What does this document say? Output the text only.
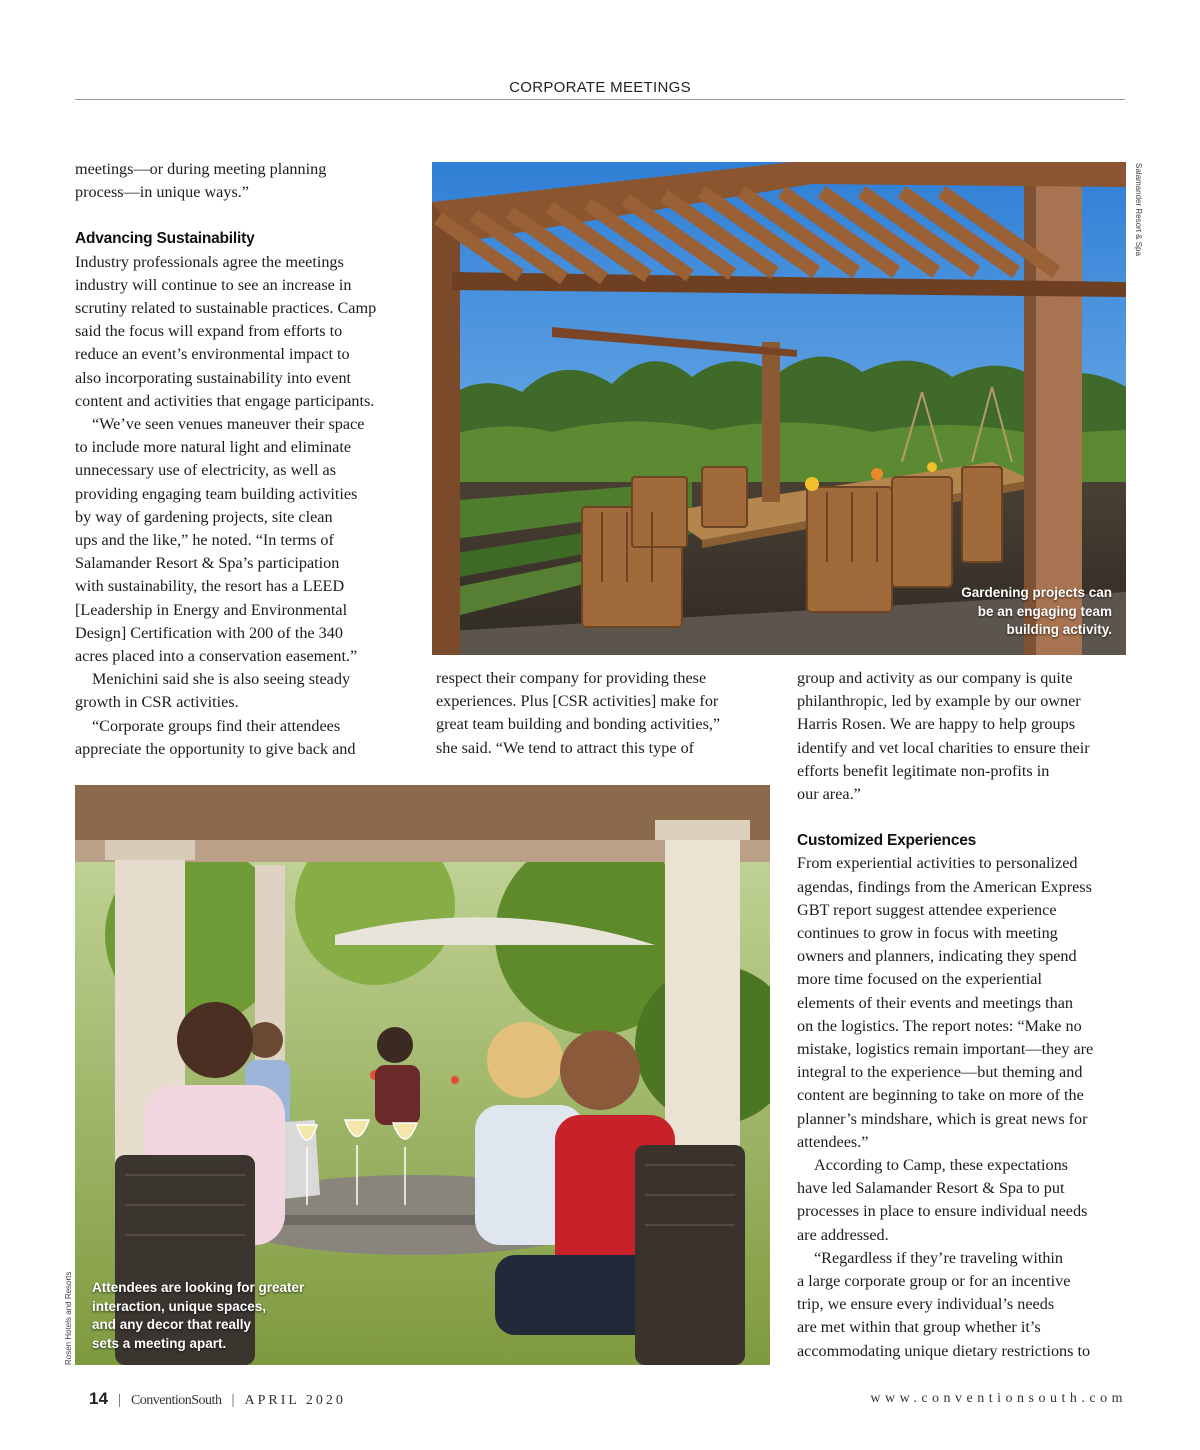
CORPORATE MEETINGS

meetings—or during meeting planning
process—in unique ways.”

Advancing Sustainability

Industry professionals agree the meetings
industry will continue to see an increase in
scrutiny related to sustainable practices. Camp
said the focus will expand from efforts to
reduce an event’s environmental impact to
also incorporating sustainability into event
content and activities that engage participants.

“We’ve seen venues maneuver their space
to include more natural light and eliminate
unnecessary use of electricity, as well as
providing engaging team building activities
by way of gardening projects, site clean
ups and the like,” he noted. “In terms of
Salamander Resort & Spa’s participation
with sustainability, the resort has a LEED
[Leadership in Energy and Environmental
Design] Certification with 200 of the 340
acres placed into a conservation easement.”

Menichini said she is also seeing steady
growth in CSR activities.

“Corporate groups find their attendees
appreciate the opportunity to give back and

respect their company for providing these
experiences. Plus [CSR activities] make for
great team building and bonding activities,”
she said. “We tend to attract this type of

group and activity as our company is quite
philanthropic, led by example by our owner
Harris Rosen. We are happy to help groups
identify and vet local charities to ensure their
efforts benefit legitimate non-profits in
our area.”

Customized Experiences

From experiential activities to personalized
agendas, findings from the American Express
GBT report suggest attendee experience
continues to grow in focus with meeting
owners and planners, indicating they spend
more time focused on the experiential
elements of their events and meetings than
on the logistics. The report notes: “Make no
mistake, logistics remain important—they are
integral to the experience—but theming and
content are beginning to take on more of the
planner’s mindshare, which is great news for
attendees.”

According to Camp, these expectations
have led Salamander Resort & Spa to put
processes in place to ensure individual needs
are addressed.

“Regardless if they’re traveling within
a large corporate group or for an incentive
trip, we ensure every individual’s needs
are met within that group whether it’s
accommodating unique dietary restrictions to

Gardening projects can
be an engaging team
building activity.
Salamander Resort & Spa
Attendees are looking for greater
interaction, unique spaces,
and any decor that really
sets a meeting apart.
Rosen Hotels and Resorts
14 | ConventionSouth | APRIL 2020	www.conventionsouth.com
